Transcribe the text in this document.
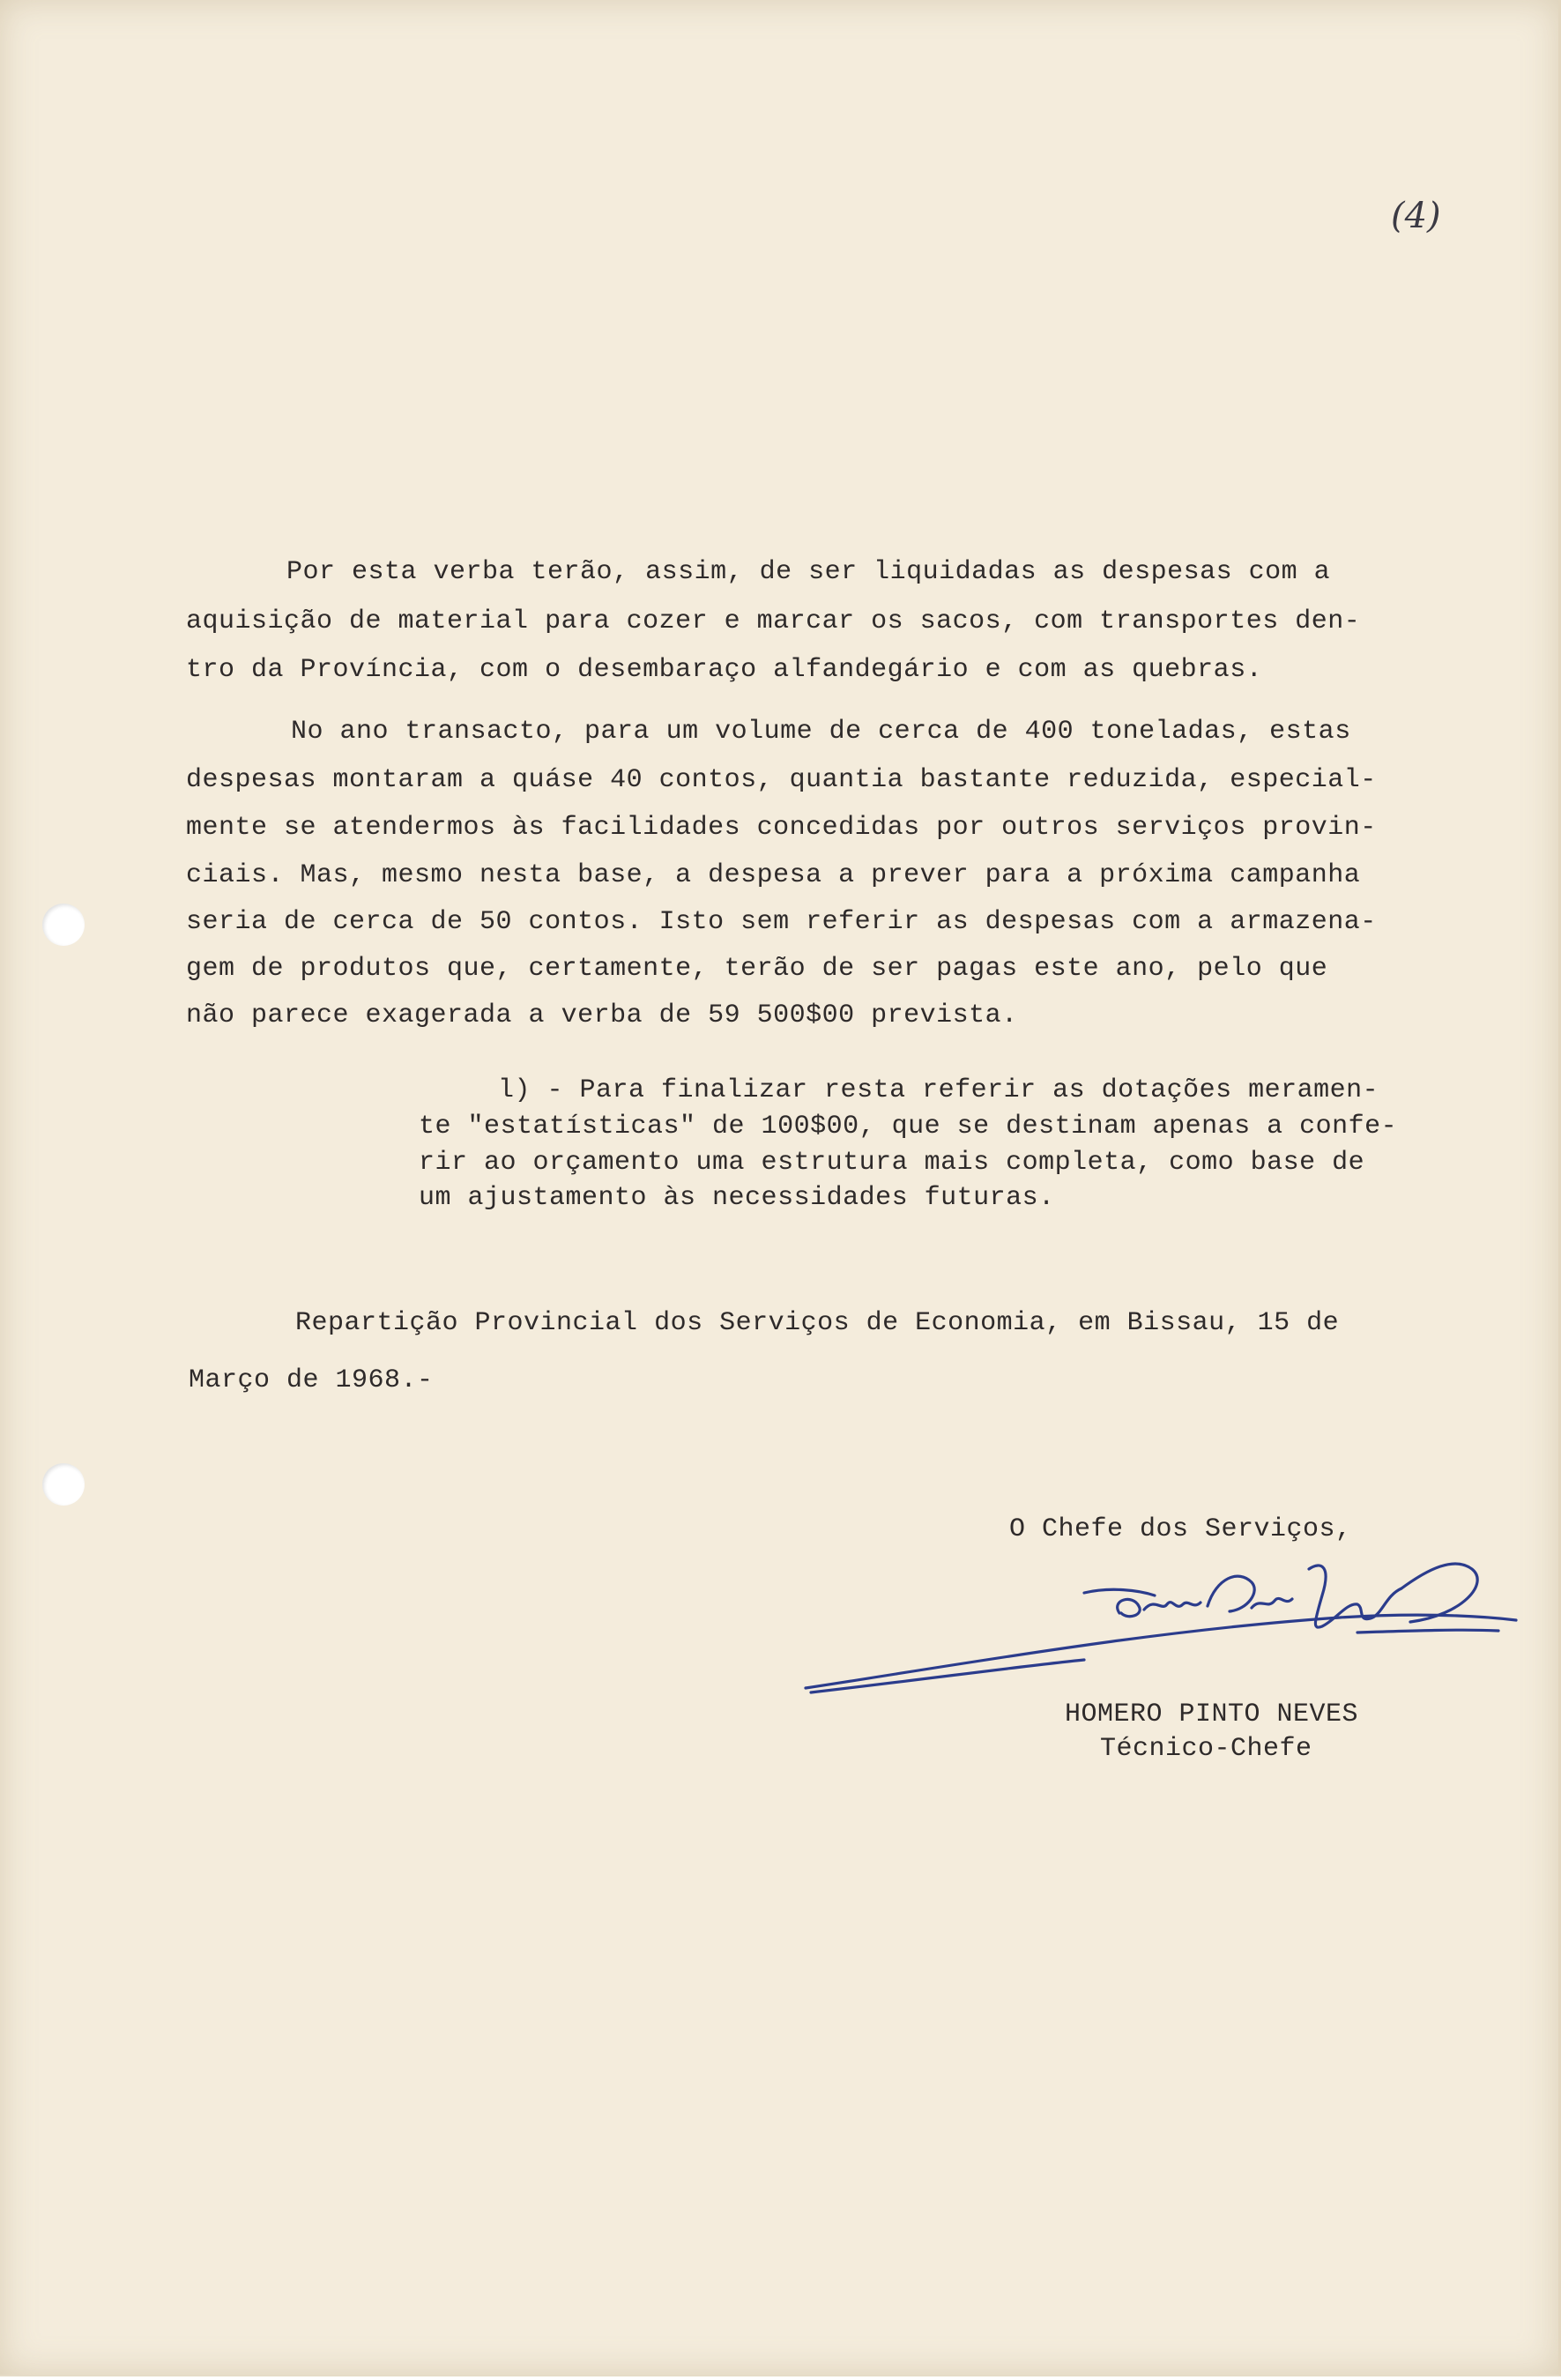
(4)
Por esta verba terão, assim, de ser liquidadas as despesas com a
aquisição de material para cozer e marcar os sacos, com transportes den-
tro da Província, com o desembaraço alfandegário e com as quebras.
No ano transacto, para um volume de cerca de 400 toneladas, estas
despesas montaram a quáse 40 contos, quantia bastante reduzida, especial-
mente se atendermos às facilidades concedidas por outros serviços provin-
ciais. Mas, mesmo nesta base, a despesa a prever para a próxima campanha
seria de cerca de 50 contos. Isto sem referir as despesas com a armazena-
gem de produtos que, certamente, terão de ser pagas este ano, pelo que
não parece exagerada a verba de 59 500$00 prevista.
l) - Para finalizar resta referir as dotações meramen-
te "estatísticas" de 100$00, que se destinam apenas a confe-
rir ao orçamento uma estrutura mais completa, como base de
um ajustamento às necessidades futuras.
Repartição Provincial dos Serviços de Economia, em Bissau, 15 de
Março de 1968.-
O Chefe dos Serviços,
HOMERO PINTO NEVES
Técnico-Chefe
